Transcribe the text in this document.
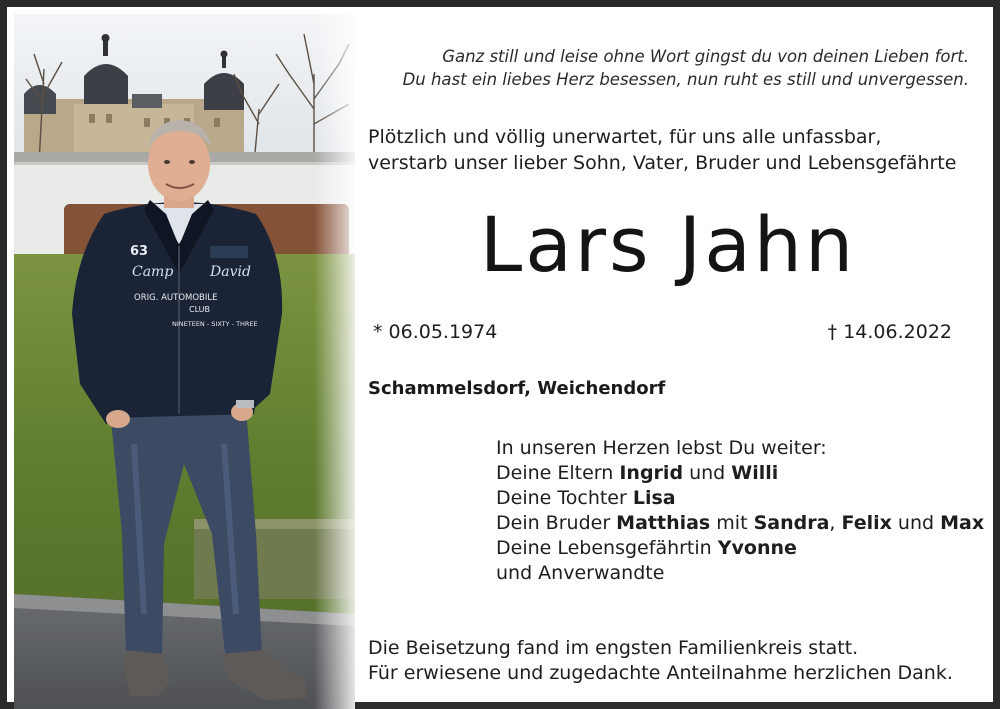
63
Camp	David
ORIG. AUTOMOBILE
CLUB
NINETEEN - SIXTY - THREE
Ganz still und leise ohne Wort gingst du von deinen Lieben fort.
Du hast ein liebes Herz besessen, nun ruht es still und unvergessen.
Plötzlich und völlig unerwartet, für uns alle unfassbar,
verstarb unser lieber Sohn, Vater, Bruder und Lebensgefährte
Lars Jahn
* 06.05.1974	† 14.06.2022
Schammelsdorf, Weichendorf
In unseren Herzen lebst Du weiter:
Deine Eltern Ingrid und Willi
Deine Tochter Lisa
Dein Bruder Matthias mit Sandra, Felix und Max
Deine Lebensgefährtin Yvonne
und Anverwandte
Die Beisetzung fand im engsten Familienkreis statt.
Für erwiesene und zugedachte Anteilnahme herzlichen Dank.
